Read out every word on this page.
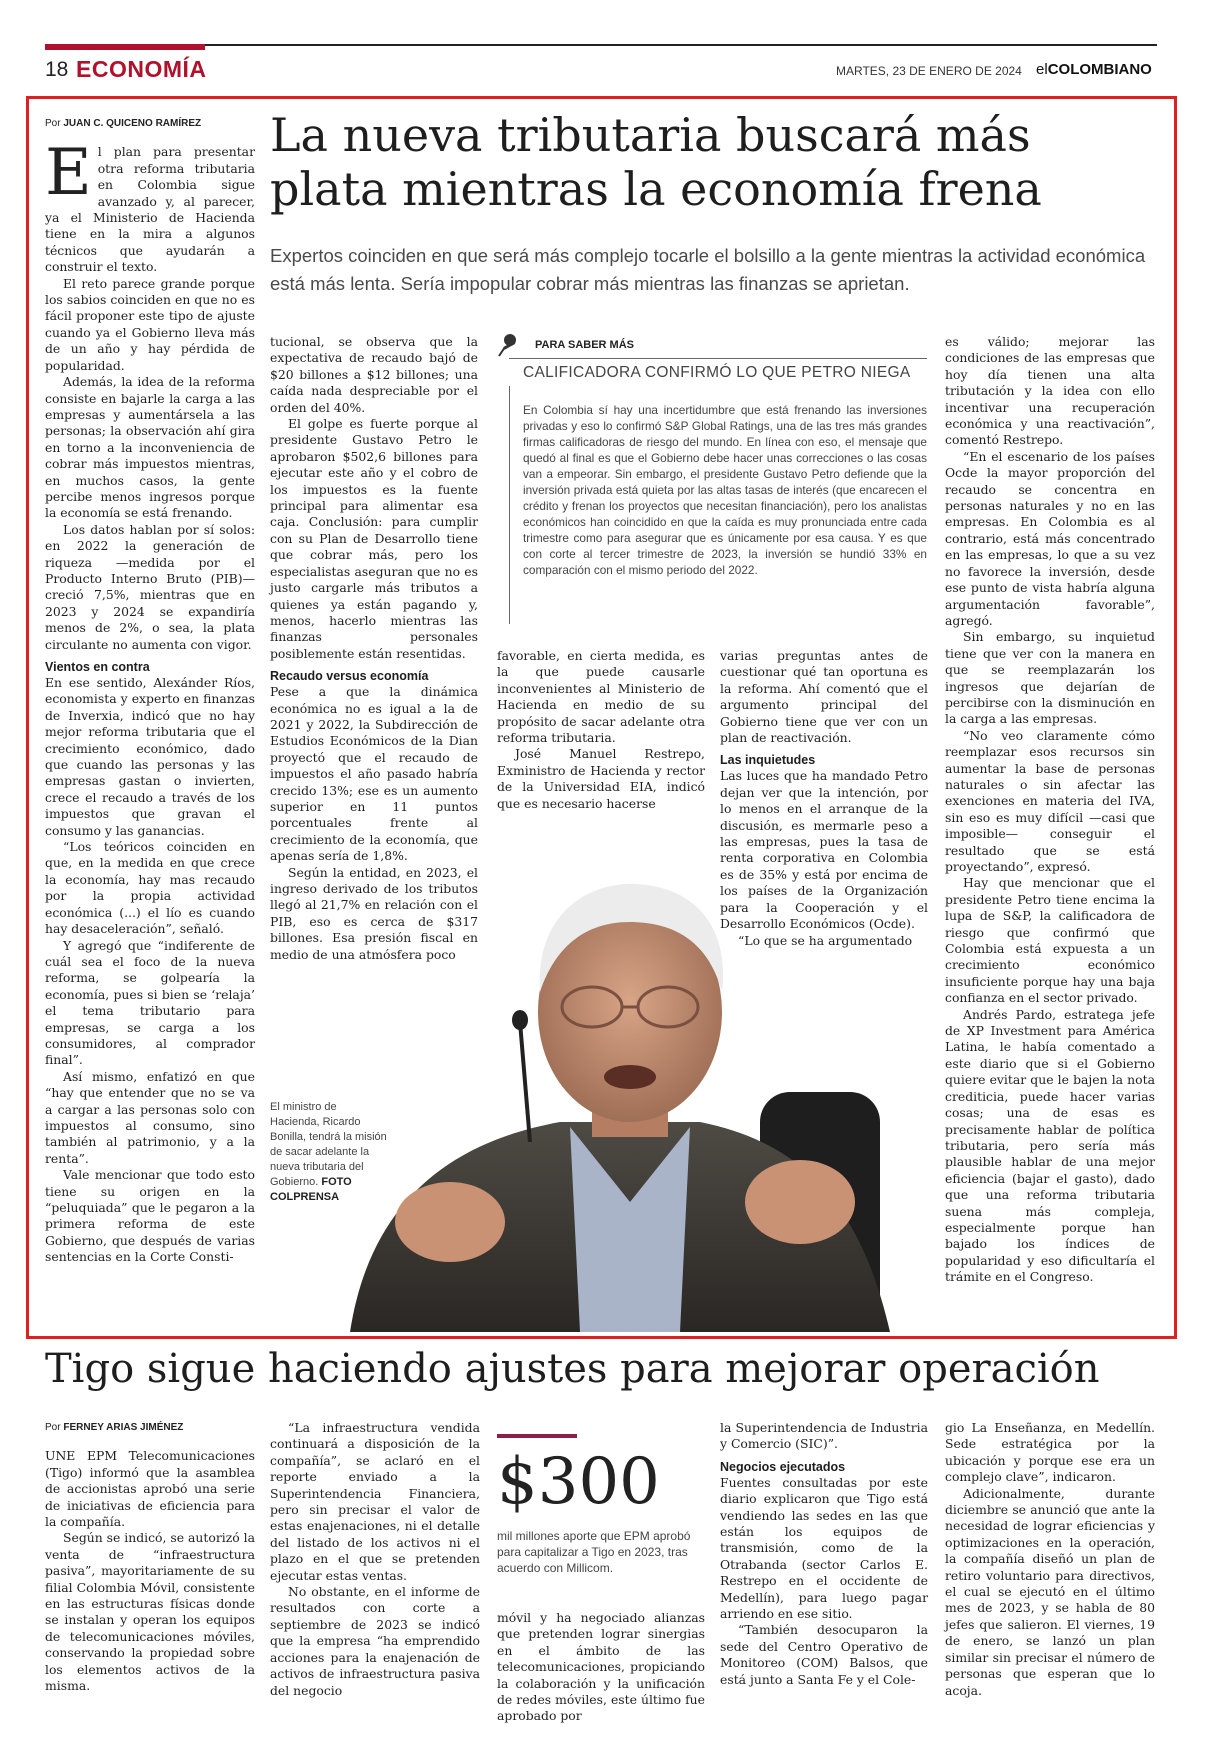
18 ECONOMÍA	MARTES, 23 DE ENERO DE 2024 elCOLOMBIANO
La nueva tributaria buscará más plata mientras la economía frena
Expertos coinciden en que será más complejo tocarle el bolsillo a la gente mientras la actividad económica está más lenta. Sería impopular cobrar más mientras las finanzas se aprietan.
Por JUAN C. QUICENO RAMÍREZ

El plan para presentar otra reforma tributaria en Colombia sigue avanzado y, al parecer, ya el Ministerio de Hacienda tiene en la mira a algunos técnicos que ayudarán a construir el texto.

El reto parece grande porque los sabios coinciden en que no es fácil proponer este tipo de ajuste cuando ya el Gobierno lleva más de un año y hay pérdida de popularidad.

Además, la idea de la reforma consiste en bajarle la carga a las empresas y aumentársela a las personas; la observación ahí gira en torno a la inconveniencia de cobrar más impuestos mientras, en muchos casos, la gente percibe menos ingresos porque la economía se está frenando.

Los datos hablan por sí solos: en 2022 la generación de riqueza —medida por el Producto Interno Bruto (PIB)— creció 7,5%, mientras que en 2023 y 2024 se expandiría menos de 2%, o sea, la plata circulante no aumenta con vigor.

Vientos en contra

En ese sentido, Alexánder Ríos, economista y experto en finanzas de Inverxia, indicó que no hay mejor reforma tributaria que el crecimiento económico, dado que cuando las personas y las empresas gastan o invierten, crece el recaudo a través de los impuestos que gravan el consumo y las ganancias.

“Los teóricos coinciden en que, en la medida en que crece la economía, hay mas recaudo por la propia actividad económica (...) el lío es cuando hay desaceleración”, señaló.

Y agregó que “indiferente de cuál sea el foco de la nueva reforma, se golpearía la economía, pues si bien se ‘relaja’ el tema tributario para empresas, se carga a los consumidores, al comprador final”.

Así mismo, enfatizó en que “hay que entender que no se va a cargar a las personas solo con impuestos al consumo, sino también al patrimonio, y a la renta”.

Vale mencionar que todo esto tiene su origen en la “peluquiada” que le pegaron a la primera reforma de este Gobierno, que después de varias sentencias en la Corte Consti-

tucional, se observa que la expectativa de recaudo bajó de $20 billones a $12 billones; una caída nada despreciable por el orden del 40%.

El golpe es fuerte porque al presidente Gustavo Petro le aprobaron $502,6 billones para ejecutar este año y el cobro de los impuestos es la fuente principal para alimentar esa caja. Conclusión: para cumplir con su Plan de Desarrollo tiene que cobrar más, pero los especialistas aseguran que no es justo cargarle más tributos a quienes ya están pagando y, menos, hacerlo mientras las finanzas personales posiblemente están resentidas.

Recaudo versus economía

Pese a que la dinámica económica no es igual a la de 2021 y 2022, la Subdirección de Estudios Económicos de la Dian proyectó que el recaudo de impuestos el año pasado habría crecido 13%; ese es un aumento superior en 11 puntos porcentuales frente al crecimiento de la economía, que apenas sería de 1,8%.

Según la entidad, en 2023, el ingreso derivado de los tributos llegó al 21,7% en relación con el PIB, eso es cerca de $317 billones. Esa presión fiscal en medio de una atmósfera poco

PARA SABER MÁS
CALIFICADORA CONFIRMÓ LO QUE PETRO NIEGA
En Colombia sí hay una incertidumbre que está frenando las inversiones privadas y eso lo confirmó S&P Global Ratings, una de las tres más grandes firmas calificadoras de riesgo del mundo. En línea con eso, el mensaje que quedó al final es que el Gobierno debe hacer unas correcciones o las cosas van a empeorar. Sin embargo, el presidente Gustavo Petro defiende que la inversión privada está quieta por las altas tasas de interés (que encarecen el crédito y frenan los proyectos que necesitan financiación), pero los analistas económicos han coincidido en que la caída es muy pronunciada entre cada trimestre como para asegurar que es únicamente por esa causa. Y es que con corte al tercer trimestre de 2023, la inversión se hundió 33% en comparación con el mismo periodo del 2022.

favorable, en cierta medida, es la que puede causarle inconvenientes al Ministerio de Hacienda en medio de su propósito de sacar adelante otra reforma tributaria.

José Manuel Restrepo, Exministro de Hacienda y rector de la Universidad EIA, indicó que es necesario hacerse

varias preguntas antes de cuestionar qué tan oportuna es la reforma. Ahí comentó que el argumento principal del Gobierno tiene que ver con un plan de reactivación.

Las inquietudes

Las luces que ha mandado Petro dejan ver que la intención, por lo menos en el arranque de la discusión, es mermarle peso a las empresas, pues la tasa de renta corporativa en Colombia es de 35% y está por encima de los países de la Organización para la Cooperación y el Desarrollo Económicos (Ocde).

“Lo que se ha argumentado

es válido; mejorar las condiciones de las empresas que hoy día tienen una alta tributación y la idea con ello incentivar una recuperación económica y una reactivación”, comentó Restrepo.

“En el escenario de los países Ocde la mayor proporción del recaudo se concentra en personas naturales y no en las empresas. En Colombia es al contrario, está más concentrado en las empresas, lo que a su vez no favorece la inversión, desde ese punto de vista habría alguna argumentación favorable”, agregó.

Sin embargo, su inquietud tiene que ver con la manera en que se reemplazarán los ingresos que dejarían de percibirse con la disminución en la carga a las empresas.

“No veo claramente cómo reemplazar esos recursos sin aumentar la base de personas naturales o sin afectar las exenciones en materia del IVA, sin eso es muy difícil —casi que imposible— conseguir el resultado que se está proyectando”, expresó.

Hay que mencionar que el presidente Petro tiene encima la lupa de S&P, la calificadora de riesgo que confirmó que Colombia está expuesta a un crecimiento económico insuficiente porque hay una baja confianza en el sector privado.

Andrés Pardo, estratega jefe de XP Investment para América Latina, le había comentado a este diario que si el Gobierno quiere evitar que le bajen la nota crediticia, puede hacer varias cosas; una de esas es precisamente hablar de política tributaria, pero sería más plausible hablar de una mejor eficiencia (bajar el gasto), dado que una reforma tributaria suena más compleja, especialmente porque han bajado los índices de popularidad y eso dificultaría el trámite en el Congreso.

El ministro de Hacienda, Ricardo Bonilla, tendrá la misión de sacar adelante la nueva tributaria del Gobierno. FOTO COLPRENSA
Tigo sigue haciendo ajustes para mejorar operación
Por FERNEY ARIAS JIMÉNEZ

UNE EPM Telecomunicaciones (Tigo) informó que la asamblea de accionistas aprobó una serie de iniciativas de eficiencia para la compañía.

Según se indicó, se autorizó la venta de “infraestructura pasiva”, mayoritariamente de su filial Colombia Móvil, consistente en las estructuras físicas donde se instalan y operan los equipos de telecomunicaciones móviles, conservando la propiedad sobre los elementos activos de la misma.

“La infraestructura vendida continuará a disposición de la compañía”, se aclaró en el reporte enviado a la Superintendencia Financiera, pero sin precisar el valor de estas enajenaciones, ni el detalle del listado de los activos ni el plazo en el que se pretenden ejecutar estas ventas.

No obstante, en el informe de resultados con corte a septiembre de 2023 se indicó que la empresa “ha emprendido acciones para la enajenación de activos de infraestructura pasiva del negocio

$300
mil millones aporte que EPM aprobó para capitalizar a Tigo en 2023, tras acuerdo con Millicom.

móvil y ha negociado alianzas que pretenden lograr sinergias en el ámbito de las telecomunicaciones, propiciando la colaboración y la unificación de redes móviles, este último fue aprobado por

la Superintendencia de Industria y Comercio (SIC)”.

Negocios ejecutados

Fuentes consultadas por este diario explicaron que Tigo está vendiendo las sedes en las que están los equipos de transmisión, como de la Otrabanda (sector Carlos E. Restrepo en el occidente de Medellín), para luego pagar arriendo en ese sitio.

“También desocuparon la sede del Centro Operativo de Monitoreo (COM) Balsos, que está junto a Santa Fe y el Cole-

gio La Enseñanza, en Medellín. Sede estratégica por la ubicación y porque ese era un complejo clave”, indicaron.

Adicionalmente, durante diciembre se anunció que ante la necesidad de lograr eficiencias y optimizaciones en la operación, la compañía diseñó un plan de retiro voluntario para directivos, el cual se ejecutó en el último mes de 2023, y se habla de 80 jefes que salieron. El viernes, 19 de enero, se lanzó un plan similar sin precisar el número de personas que esperan que lo acoja.
